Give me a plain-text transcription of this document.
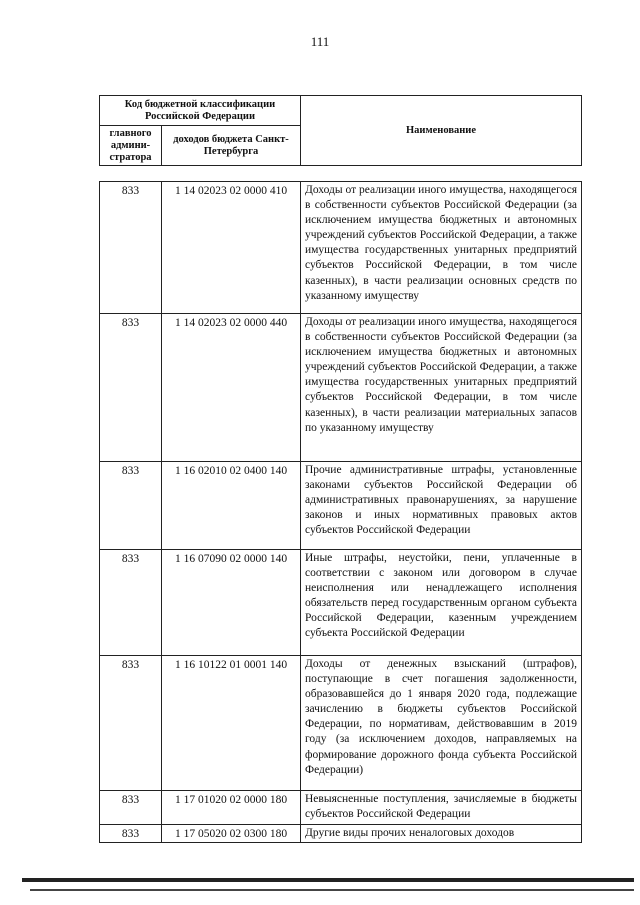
111
Код бюджетной классификации Российской Федерации		Наименование
главного админи-стратора	доходов бюджета Санкт-Петербурга	
833	1 14 02023 02 0000 410	Доходы от реализации иного имущества, находящегося в собственности субъектов Российской Федерации (за исключением имущества бюджетных и автономных учреждений субъектов Российской Федерации, а также имущества государственных унитарных предприятий субъектов Российской Федерации, в том числе казенных), в части реализации основных средств по указанному имуществу
833	1 14 02023 02 0000 440	Доходы от реализации иного имущества, находящегося в собственности субъектов Российской Федерации (за исключением имущества бюджетных и автономных учреждений субъектов Российской Федерации, а также имущества государственных унитарных предприятий субъектов Российской Федерации, в том числе казенных), в части реализации материальных запасов по указанному имуществу
833	1 16 02010 02 0400 140	Прочие административные штрафы, установленные законами субъектов Российской Федерации об административных правонарушениях, за нарушение законов и иных нормативных правовых актов субъектов Российской Федерации
833	1 16 07090 02 0000 140	Иные штрафы, неустойки, пени, уплаченные в соответствии с законом или договором в случае неисполнения или ненадлежащего исполнения обязательств перед государственным органом субъекта Российской Федерации, казенным учреждением субъекта Российской Федерации
833	1 16 10122 01 0001 140	Доходы от денежных взысканий (штрафов), поступающие в счет погашения задолженности, образовавшейся до 1 января 2020 года, подлежащие зачислению в бюджеты субъектов Российской Федерации, по нормативам, действовавшим в 2019 году (за исключением доходов, направляемых на формирование дорожного фонда субъекта Российской Федерации)
833	1 17 01020 02 0000 180	Невыясненные поступления, зачисляемые в бюджеты субъектов Российской Федерации
833	1 17 05020 02 0300 180	Другие виды прочих неналоговых доходов
